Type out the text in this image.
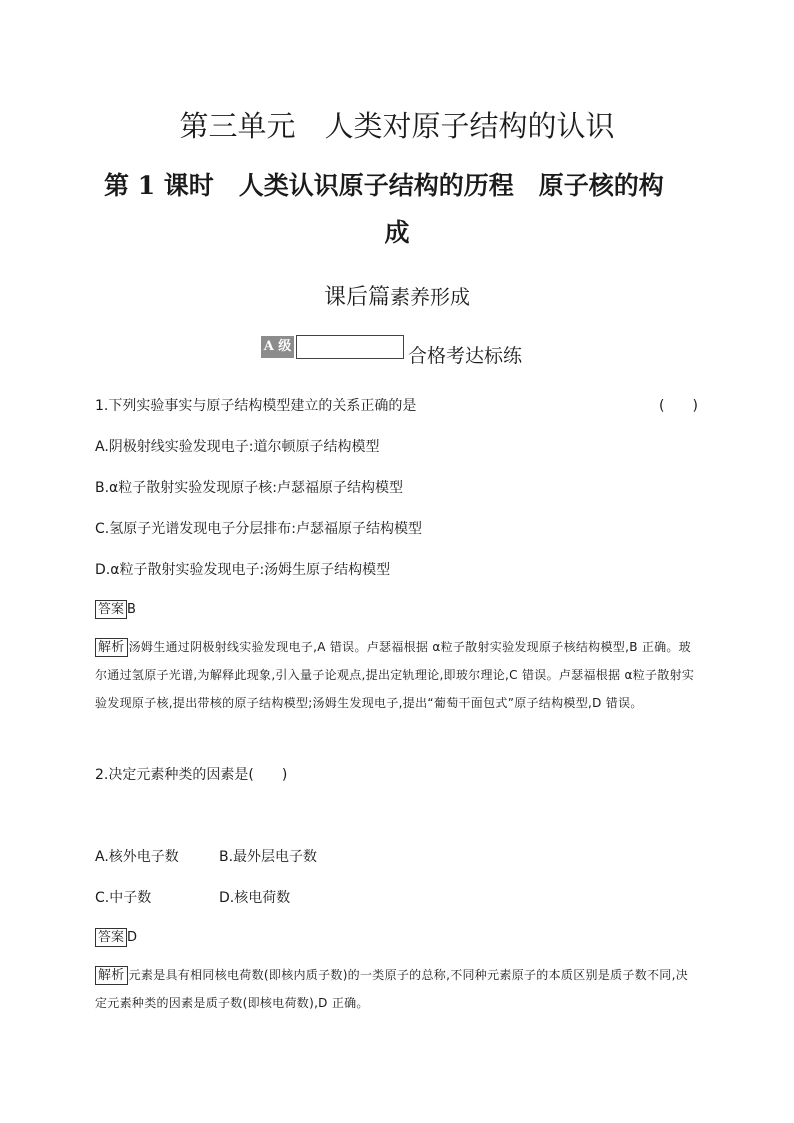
第三单元　人类对原子结构的认识
第 1 课时　人类认识原子结构的历程　原子核的构
成
课后篇素养形成
A 级	合格考达标练
1.下列实验事实与原子结构模型建立的关系正确的是	(　　)
A.阴极射线实验发现电子:道尔顿原子结构模型
B.α粒子散射实验发现原子核:卢瑟福原子结构模型
C.氢原子光谱发现电子分层排布:卢瑟福原子结构模型
D.α粒子散射实验发现电子:汤姆生原子结构模型
答案 B
解析 汤姆生通过阴极射线实验发现电子,A 错误。卢瑟福根据 α粒子散射实验发现原子核结构模型,B 正确。玻尔通过氢原子光谱,为解释此现象,引入量子论观点,提出定轨理论,即玻尔理论,C 错误。卢瑟福根据 α粒子散射实验发现原子核,提出带核的原子结构模型;汤姆生发现电子,提出“葡萄干面包式”原子结构模型,D 错误。
2.决定元素种类的因素是(　　)
A.核外电子数	B.最外层电子数
C.中子数	D.核电荷数
答案 D
解析 元素是具有相同核电荷数(即核内质子数)的一类原子的总称,不同种元素原子的本质区别是质子数不同,决定元素种类的因素是质子数(即核电荷数),D 正确。
